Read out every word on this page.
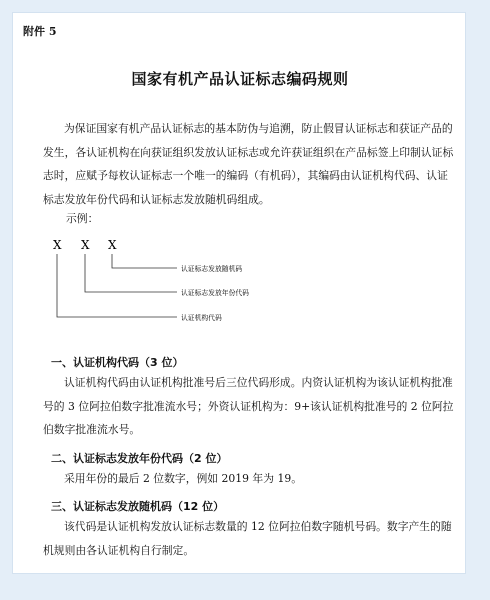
附件 5
国家有机产品认证标志编码规则
为保证国家有机产品认证标志的基本防伪与追溯，防止假冒认证标志和获证产品的发生，各认证机构在向获证组织发放认证标志或允许获证组织在产品标签上印制认证标志时，应赋予每枚认证标志一个唯一的编码（有机码），其编码由认证机构代码、认证标志发放年份代码和认证标志发放随机码组成。
示例：
X X X
认证标志发放随机码
认证标志发放年份代码
认证机构代码
一、认证机构代码（3 位）
认证机构代码由认证机构批准号后三位代码形成。内资认证机构为该认证机构批准号的 3 位阿拉伯数字批准流水号；外资认证机构为：9+该认证机构批准号的 2 位阿拉伯数字批准流水号。
二、认证标志发放年份代码（2 位）
采用年份的最后 2 位数字，例如 2019 年为 19。
三、认证标志发放随机码（12 位）
该代码是认证机构发放认证标志数量的 12 位阿拉伯数字随机号码。数字产生的随机规则由各认证机构自行制定。
